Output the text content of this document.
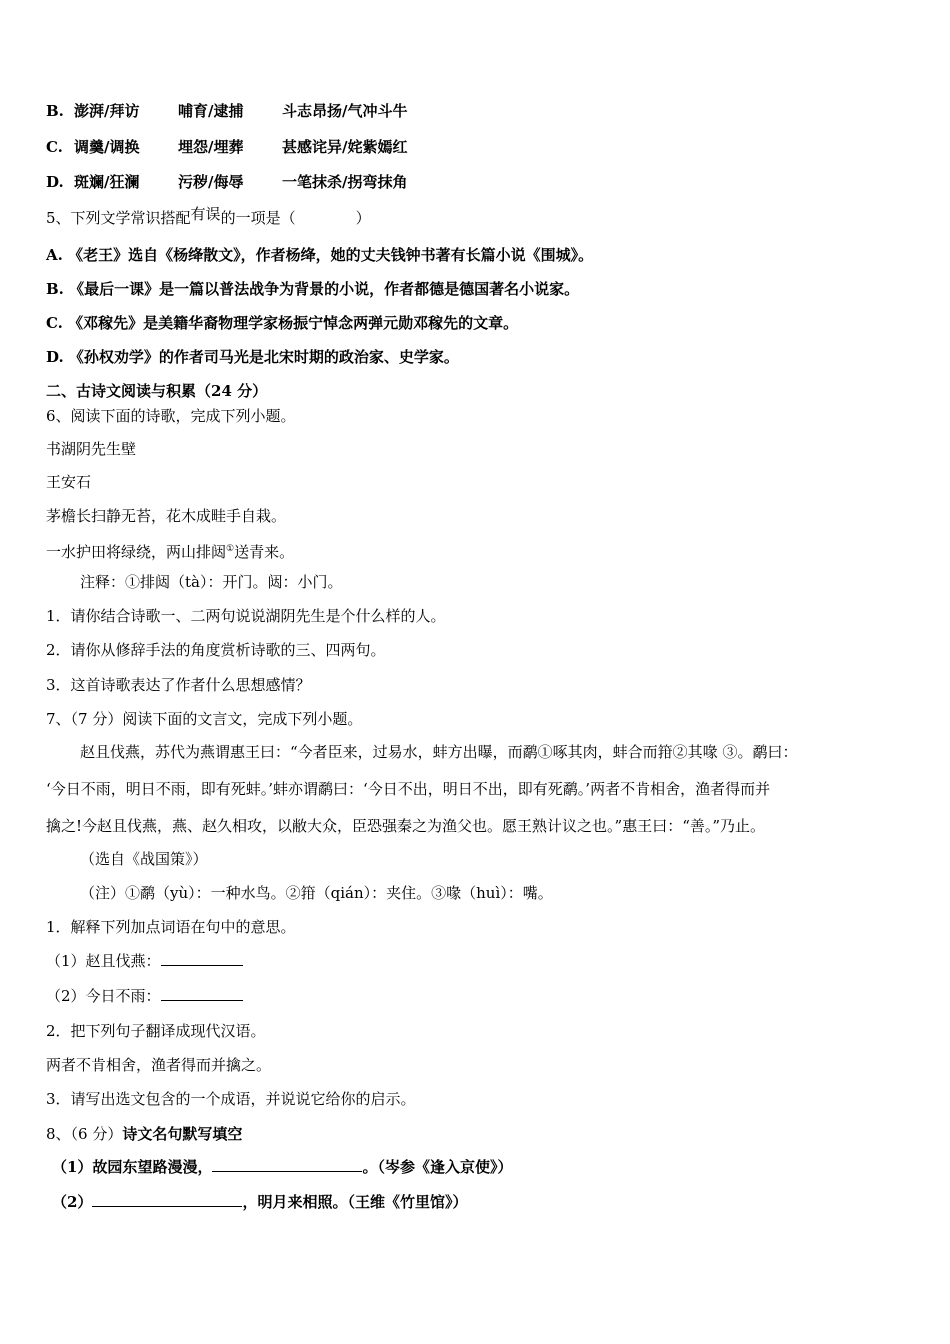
B. 澎湃/拜访	哺育/逮捕	斗志昂扬/气冲斗牛
C. 调羹/调换	埋怨/埋葬	甚感诧异/姹紫嫣红
D. 斑斓/狂澜	污秽/侮辱	一笔抹杀/拐弯抹角
5、下列文学常识搭配有误的一项是（　　　　）
A. 《老王》选自《杨绛散文》，作者杨绛，她的丈夫钱钟书著有长篇小说《围城》。
B. 《最后一课》是一篇以普法战争为背景的小说，作者都德是德国著名小说家。
C. 《邓稼先》是美籍华裔物理学家杨振宁悼念两弹元勋邓稼先的文章。
D. 《孙权劝学》的作者司马光是北宋时期的政治家、史学家。
二、古诗文阅读与积累（24 分）
6、阅读下面的诗歌，完成下列小题。
书湖阴先生壁
王安石
茅檐长扫静无苔，花木成畦手自栽。
一水护田将绿绕，两山排闼①送青来。
注释：①排闼（tà）：开门。闼：小门。
1．请你结合诗歌一、二两句说说湖阴先生是个什么样的人。
2．请你从修辞手法的角度赏析诗歌的三、四两句。
3．这首诗歌表达了作者什么思想感情？
7、（7 分）阅读下面的文言文，完成下列小题。
赵且伐燕，苏代为燕谓惠王曰：“今者臣来，过易水，蚌方出曝，而鹬①啄其肉，蚌合而箝②其喙 ③。鹬曰：
‘今日不雨，明日不雨，即有死蚌。’蚌亦谓鹬曰：‘今日不出，明日不出，即有死鹬。’两者不肯相舍，渔者得而并
擒之!今赵且伐燕，燕、赵久相攻，以敝大众，臣恐强秦之为渔父也。愿王熟计议之也。”惠王曰：“善。”乃止。
（选自《战国策》）
（注）①鹬（yù）：一种水鸟。②箝（qián）：夹住。③喙（huì）：嘴。
1．解释下列加点词语在句中的意思。
（1）赵且伐燕：
（2）今日不雨：
2．把下列句子翻译成现代汉语。
两者不肯相舍，渔者得而并擒之。
3．请写出选文包含的一个成语，并说说它给你的启示。
8、（6 分）诗文名句默写填空
（1）故园东望路漫漫，	。（岑参《逢入京使》）
（2）	，明月来相照。（王维《竹里馆》）
